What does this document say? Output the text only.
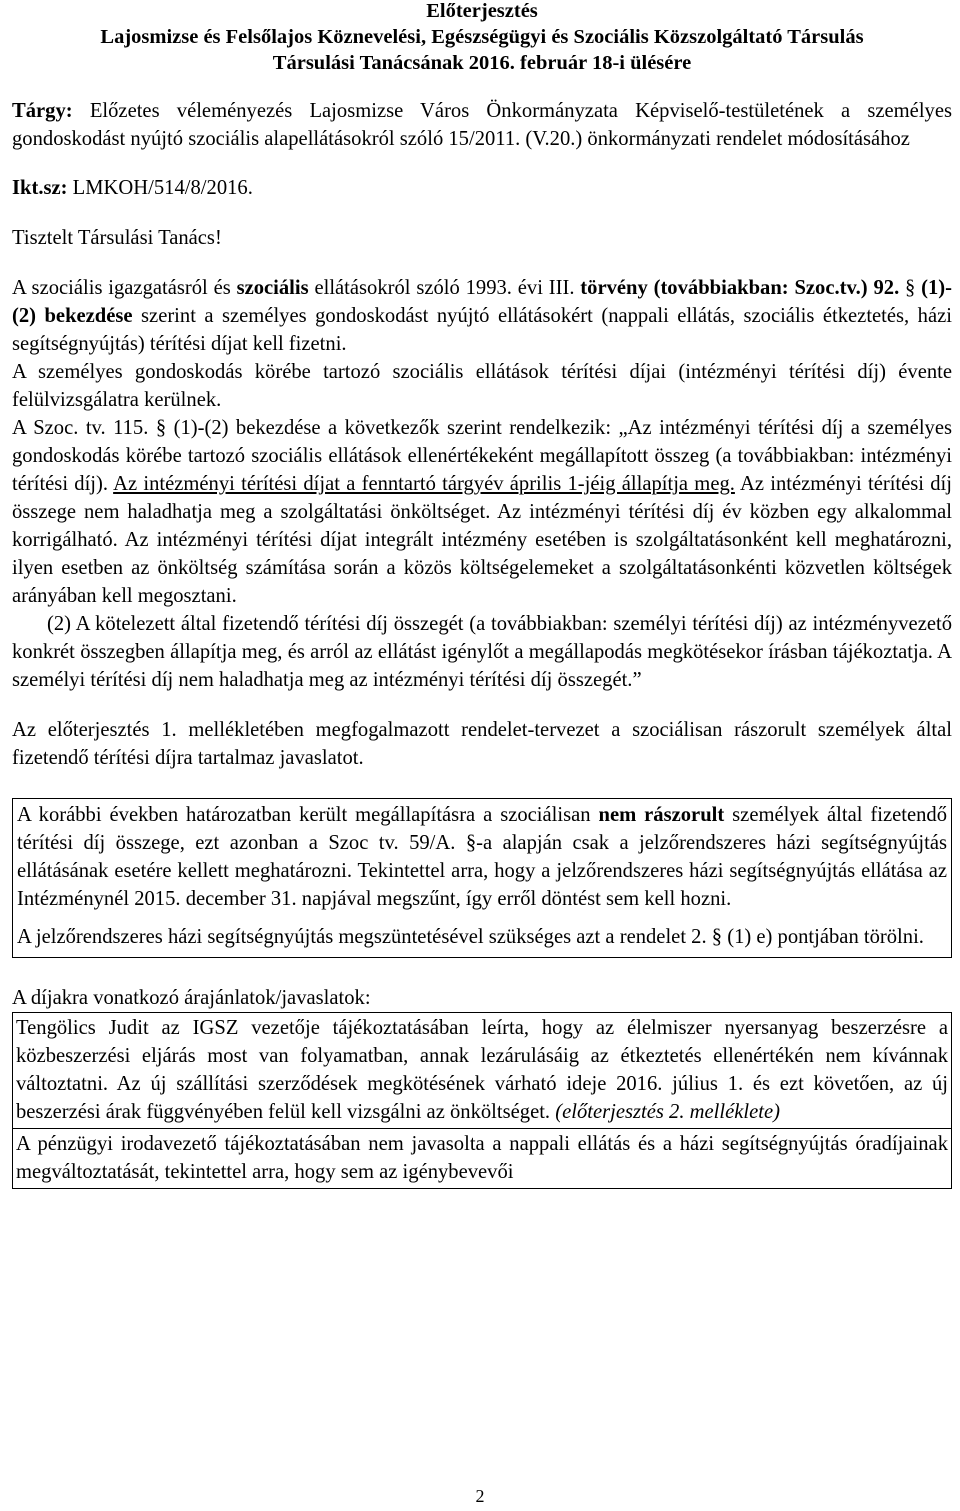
Előterjesztés
Lajosmizse és Felsőlajos Köznevelési, Egészségügyi és Szociális Közszolgáltató Társulás
Társulási Tanácsának 2016. február 18-i ülésére

Tárgy: Előzetes véleményezés Lajosmizse Város Önkormányzata Képviselő-testületének a személyes gondoskodást nyújtó szociális alapellátásokról szóló 15/2011. (V.20.) önkormányzati rendelet módosításához

Ikt.sz: LMKOH/514/8/2016.

Tisztelt Társulási Tanács!

A szociális igazgatásról és szociális ellátásokról szóló 1993. évi III. törvény (továbbiakban: Szoc.tv.) 92. § (1)-(2) bekezdése szerint a személyes gondoskodást nyújtó ellátásokért (nappali ellátás, szociális étkeztetés, házi segítségnyújtás) térítési díjat kell fizetni.

A személyes gondoskodás körébe tartozó szociális ellátások térítési díjai (intézményi térítési díj) évente felülvizsgálatra kerülnek.

A Szoc. tv. 115. § (1)-(2) bekezdése a következők szerint rendelkezik: „Az intézményi térítési díj a személyes gondoskodás körébe tartozó szociális ellátások ellenértékeként megállapított összeg (a továbbiakban: intézményi térítési díj). Az intézményi térítési díjat a fenntartó tárgyév április 1-jéig állapítja meg. Az intézményi térítési díj összege nem haladhatja meg a szolgáltatási önköltséget. Az intézményi térítési díj év közben egy alkalommal korrigálható. Az intézményi térítési díjat integrált intézmény esetében is szolgáltatásonként kell meghatározni, ilyen esetben az önköltség számítása során a közös költségelemeket a szolgáltatásonkénti közvetlen költségek arányában kell megosztani.

(2) A kötelezett által fizetendő térítési díj összegét (a továbbiakban: személyi térítési díj) az intézményvezető konkrét összegben állapítja meg, és arról az ellátást igénylőt a megállapodás megkötésekor írásban tájékoztatja. A személyi térítési díj nem haladhatja meg az intézményi térítési díj összegét.”

Az előterjesztés 1. mellékletében megfogalmazott rendelet-tervezet a szociálisan rászorult személyek által fizetendő térítési díjra tartalmaz javaslatot.

A korábbi években határozatban került megállapításra a szociálisan nem rászorult személyek által fizetendő térítési díj összege, ezt azonban a Szoc tv. 59/A. §-a alapján csak a jelzőrendszeres házi segítségnyújtás ellátásának esetére kellett meghatározni. Tekintettel arra, hogy a jelzőrendszeres házi segítségnyújtás ellátása az Intézménynél 2015. december 31. napjával megszűnt, így erről döntést sem kell hozni.

A jelzőrendszeres házi segítségnyújtás megszüntetésével szükséges azt a rendelet 2. § (1) e) pontjában törölni.

A díjakra vonatkozó árajánlatok/javaslatok:

Tengölics Judit az IGSZ vezetője tájékoztatásában leírta, hogy az élelmiszer nyersanyag beszerzésre a közbeszerzési eljárás most van folyamatban, annak lezárulásáig az étkeztetés ellenértékén nem kívánnak változtatni. Az új szállítási szerződések megkötésének várható ideje 2016. július 1. és ezt követően, az új beszerzési árak függvényében felül kell vizsgálni az önköltséget. (előterjesztés 2. melléklete)
A pénzügyi irodavezető tájékoztatásában nem javasolta a nappali ellátás és a házi segítségnyújtás óradíjainak megváltoztatását, tekintettel arra, hogy sem az igénybevevői
2
